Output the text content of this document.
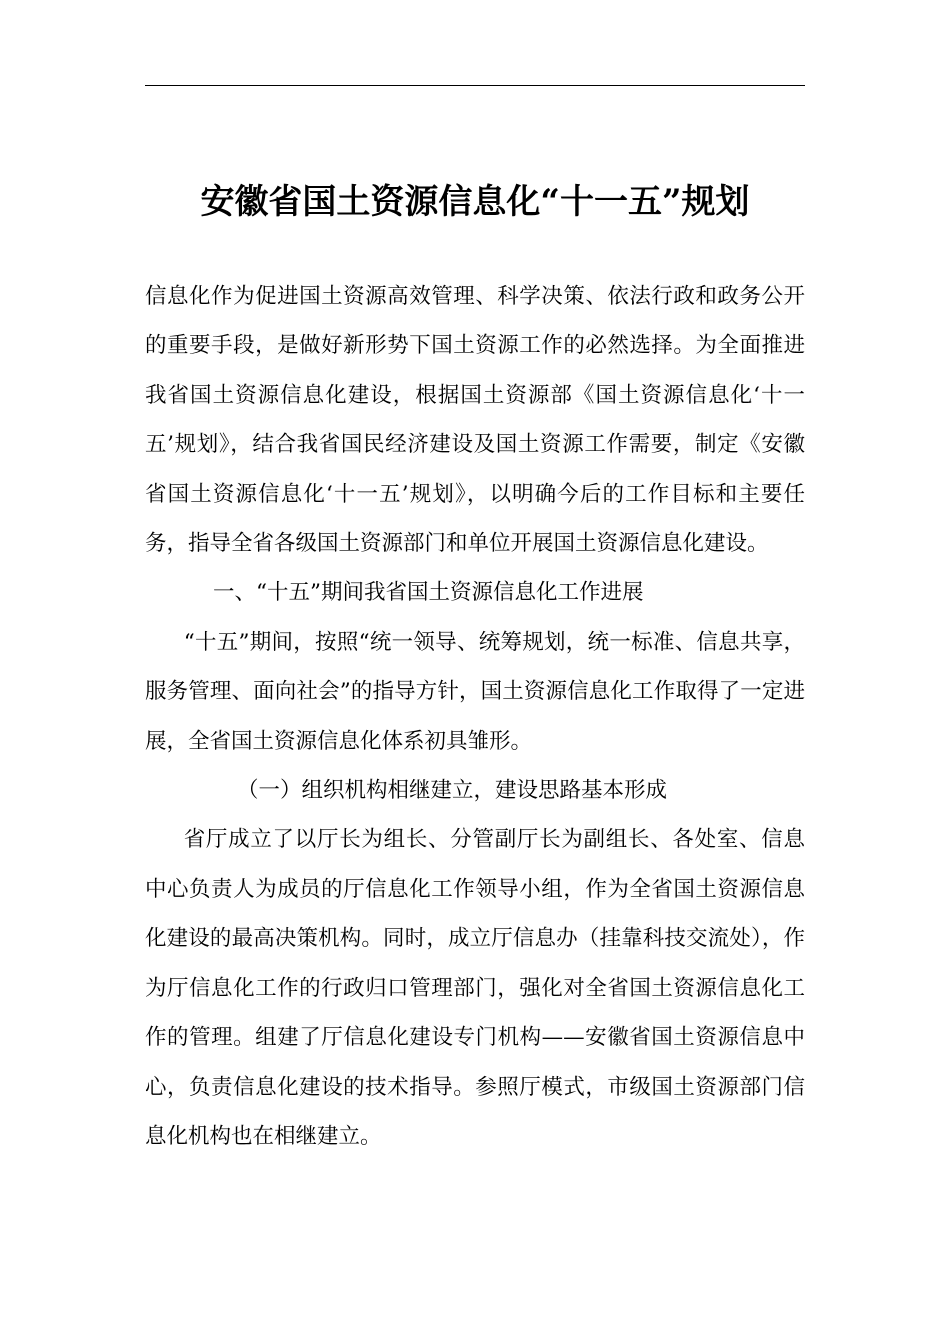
安徽省国土资源信息化“十一五”规划

信息化作为促进国土资源高效管理、科学决策、依法行政和政务公开的重要手段，是做好新形势下国土资源工作的必然选择。为全面推进我省国土资源信息化建设，根据国土资源部《国土资源信息化‘十一五’规划》，结合我省国民经济建设及国土资源工作需要，制定《安徽省国土资源信息化‘十一五’规划》，以明确今后的工作目标和主要任务，指导全省各级国土资源部门和单位开展国土资源信息化建设。

一、“十五”期间我省国土资源信息化工作进展

“十五”期间，按照“统一领导、统筹规划，统一标准、信息共享，服务管理、面向社会”的指导方针，国土资源信息化工作取得了一定进展，全省国土资源信息化体系初具雏形。

（一）组织机构相继建立，建设思路基本形成

省厅成立了以厅长为组长、分管副厅长为副组长、各处室、信息中心负责人为成员的厅信息化工作领导小组，作为全省国土资源信息化建设的最高决策机构。同时，成立厅信息办（挂靠科技交流处），作为厅信息化工作的行政归口管理部门，强化对全省国土资源信息化工作的管理。组建了厅信息化建设专门机构——安徽省国土资源信息中心，负责信息化建设的技术指导。参照厅模式，市级国土资源部门信息化机构也在相继建立。
